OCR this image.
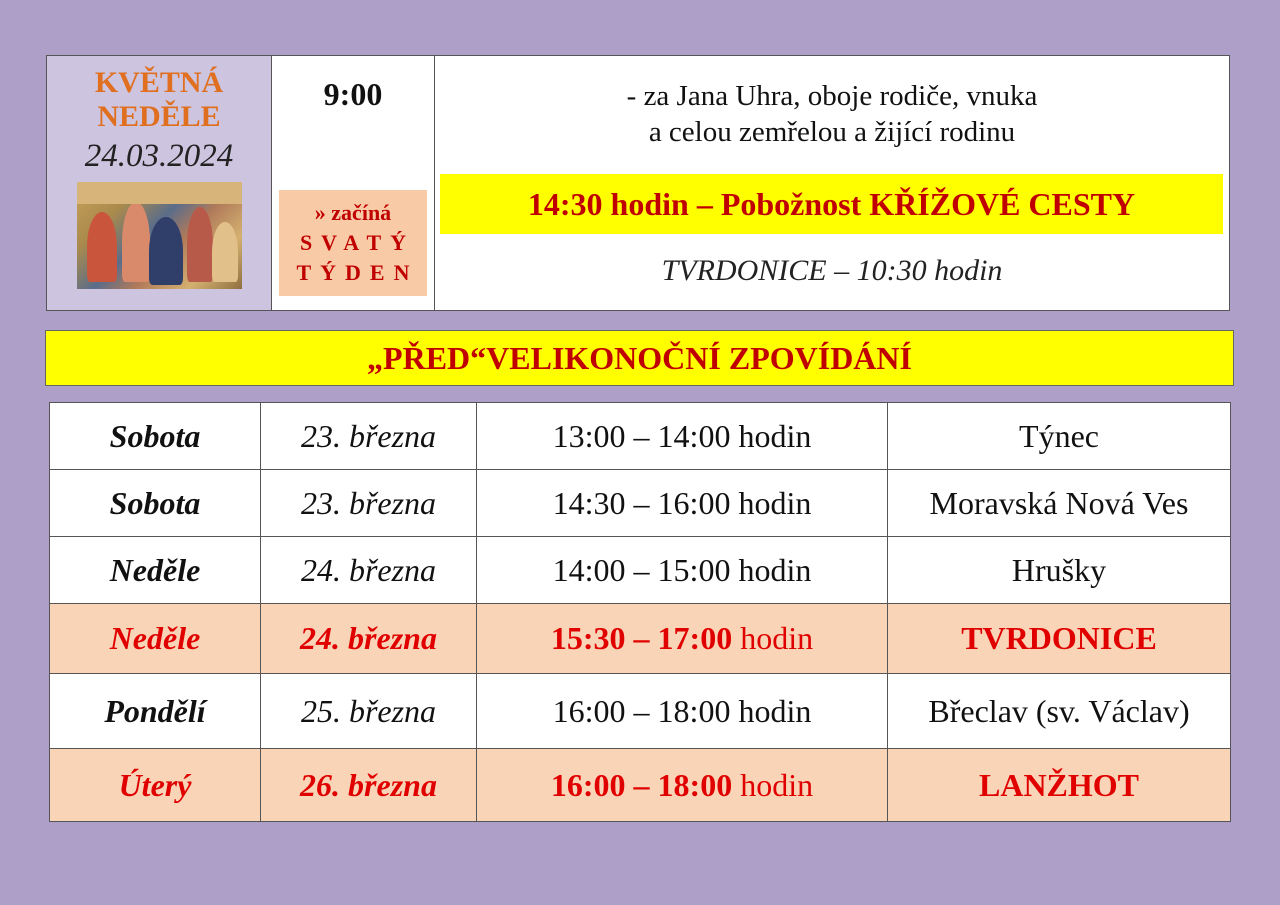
KVĚTNÁ
NEDĚLE
24.03.2024
9:00
» začíná
SVATÝ
TÝDEN
- za Jana Uhra, oboje rodiče, vnuka
a celou zemřelou a žijící rodinu
14:30 hodin – Pobožnost KŘÍŽOVÉ CESTY
TVRDONICE – 10:30 hodin
„PŘED“VELIKONOČNÍ ZPOVÍDÁNÍ
Sobota	23. března	13:00 – 14:00 hodin	Týnec
Sobota	23. března	14:30 – 16:00 hodin	Moravská Nová Ves
Neděle	24. března	14:00 – 15:00 hodin	Hrušky
Neděle	24. března	15:30 – 17:00 hodin	TVRDONICE
Pondělí	25. března	16:00 – 18:00 hodin	Břeclav (sv. Václav)
Úterý	26. března	16:00 – 18:00 hodin	LANŽHOT
